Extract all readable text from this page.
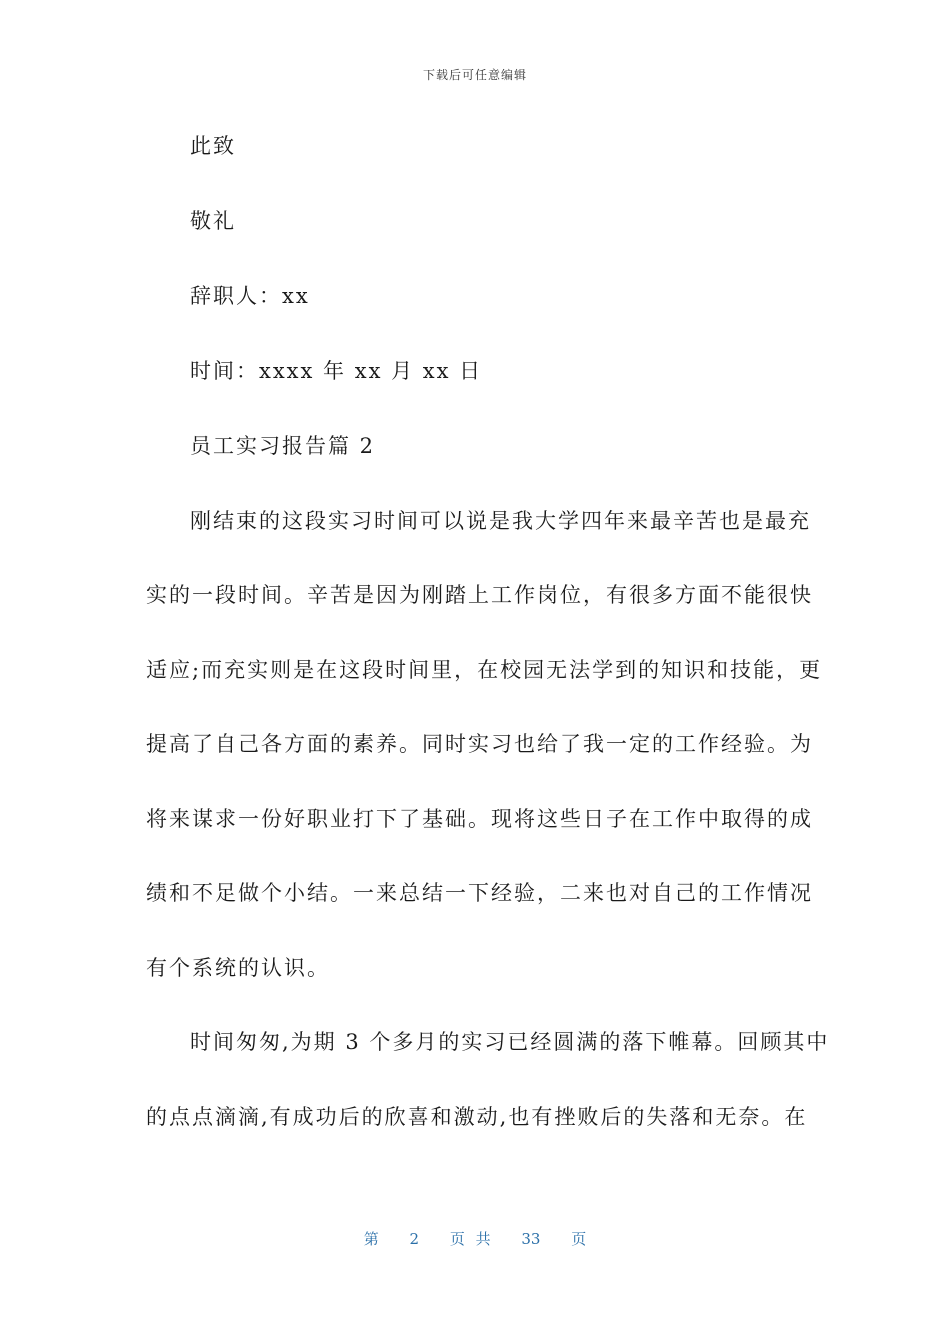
下载后可任意编辑
此致
敬礼
辞职人：xx
时间：xxxx 年 xx 月 xx 日
员工实习报告篇 2
刚结束的这段实习时间可以说是我大学四年来最辛苦也是最充
实的一段时间。辛苦是因为刚踏上工作岗位，有很多方面不能很快
适应;而充实则是在这段时间里，在校园无法学到的知识和技能，更
提高了自己各方面的素养。同时实习也给了我一定的工作经验。为
将来谋求一份好职业打下了基础。现将这些日子在工作中取得的成
绩和不足做个小结。一来总结一下经验，二来也对自己的工作情况
有个系统的认识。
时间匆匆,为期 3 个多月的实习已经圆满的落下帷幕。回顾其中
的点点滴滴,有成功后的欣喜和激动,也有挫败后的失落和无奈。在
第 2 页 共 33 页
